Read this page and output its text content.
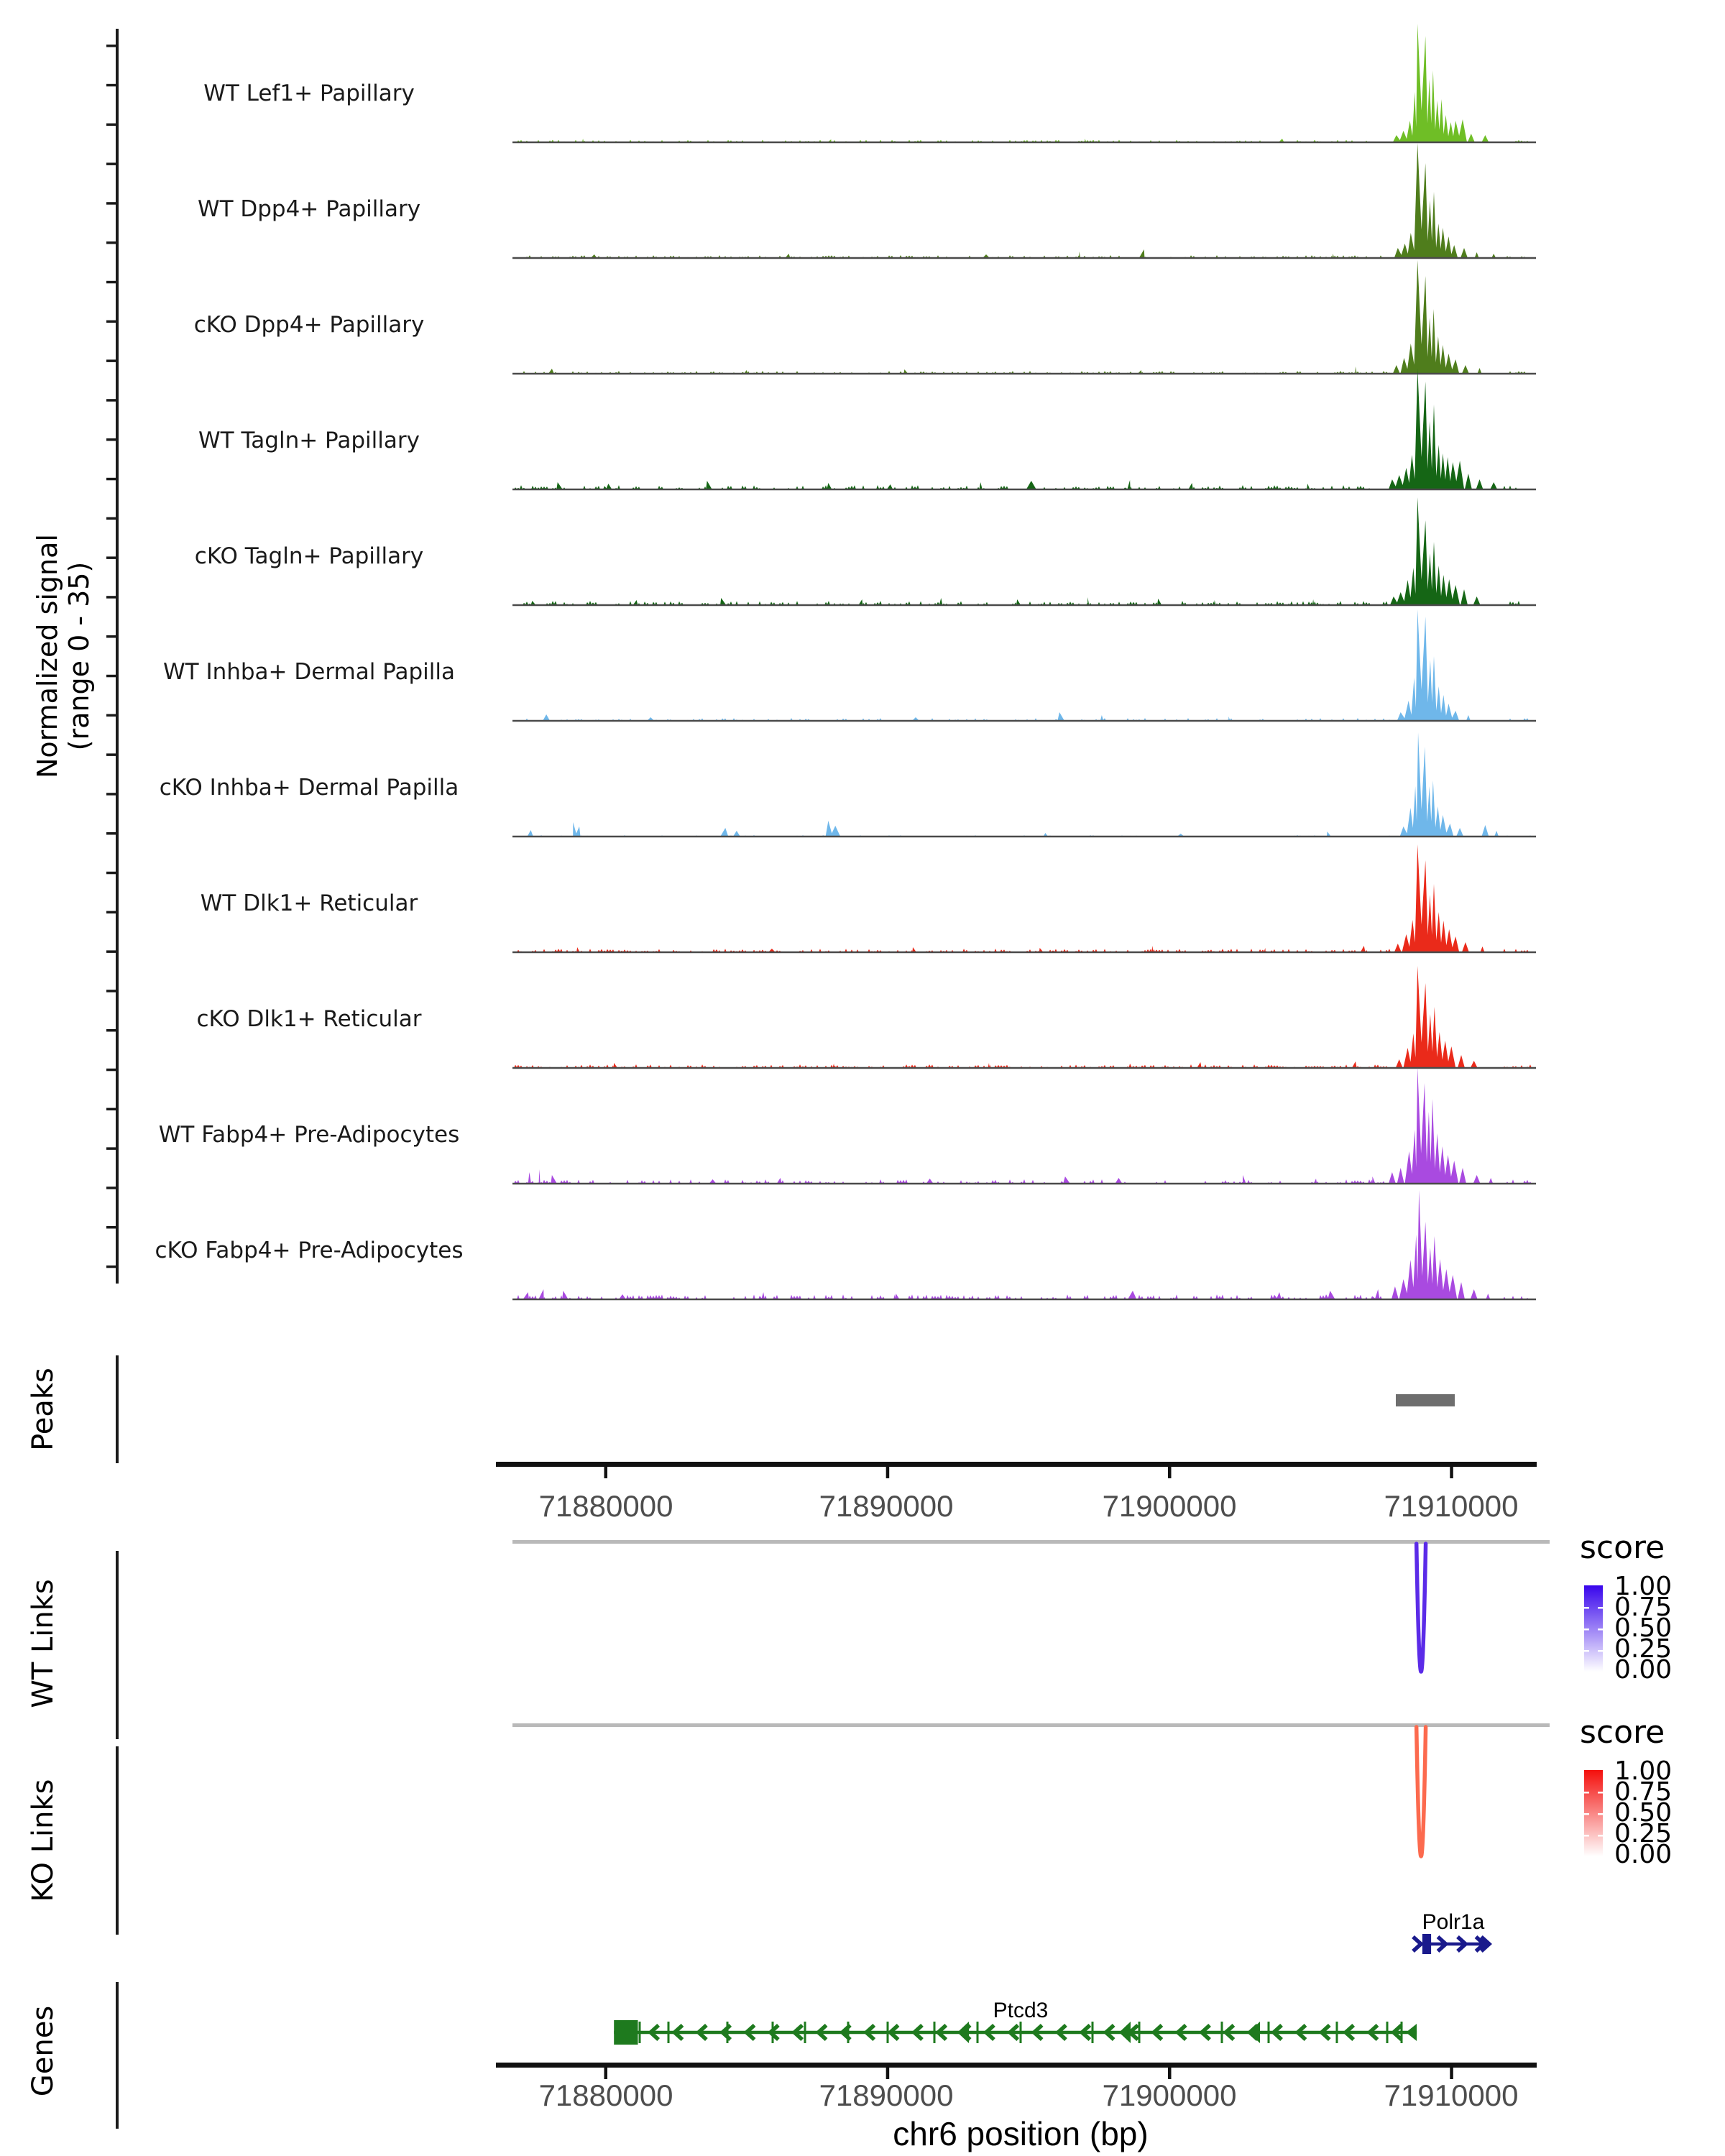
Normalized signal (range 0 - 35)
Peaks
WT Links
KO Links
Genes
WT Lef1+ Papillary
WT Dpp4+ Papillary
cKO Dpp4+ Papillary
WT Tagln+ Papillary
cKO Tagln+ Papillary
WT Inhba+ Dermal Papilla
cKO Inhba+ Dermal Papilla
WT Dlk1+ Reticular
cKO Dlk1+ Reticular
WT Fabp4+ Pre-Adipocytes
cKO Fabp4+ Pre-Adipocytes
71880000	71890000	71900000	71910000
71880000	71890000	71900000	71910000
score
1.00
0.75
0.50
0.25
0.00
score
1.00
0.75
0.50
0.25
0.00
Polr1a
Ptcd3
chr6 position (bp)
